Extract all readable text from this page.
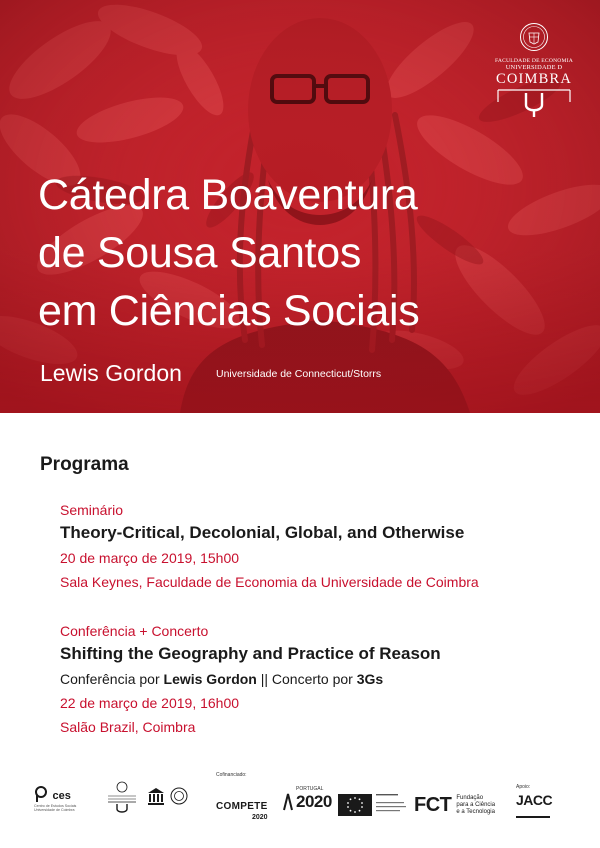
FACULDADE DE ECONOMIA
UNIVERSIDADE D
COIMBRA
Cátedra Boaventura
de Sousa Santos
em Ciências Sociais
Lewis Gordon	Universidade de Connecticut/Storrs
Programa
Seminário
Theory-Critical, Decolonial, Global, and Otherwise
20 de março de 2019, 15h00
Sala Keynes, Faculdade de Economia da Universidade de Coimbra
Conferência + Concerto
Shifting the Geography and Practice of Reason
Conferência por Lewis Gordon || Concerto por 3Gs
22 de março de 2019, 16h00
Salão Brazil, Coimbra
ces
Centro de Estudos Sociais
Universidade de Coimbra
Cofinanciado:
COMPETE
2020
PORTUGAL
2020	FCT Fundação
para a Ciência
e a Tecnologia
Apoio:
JACC
